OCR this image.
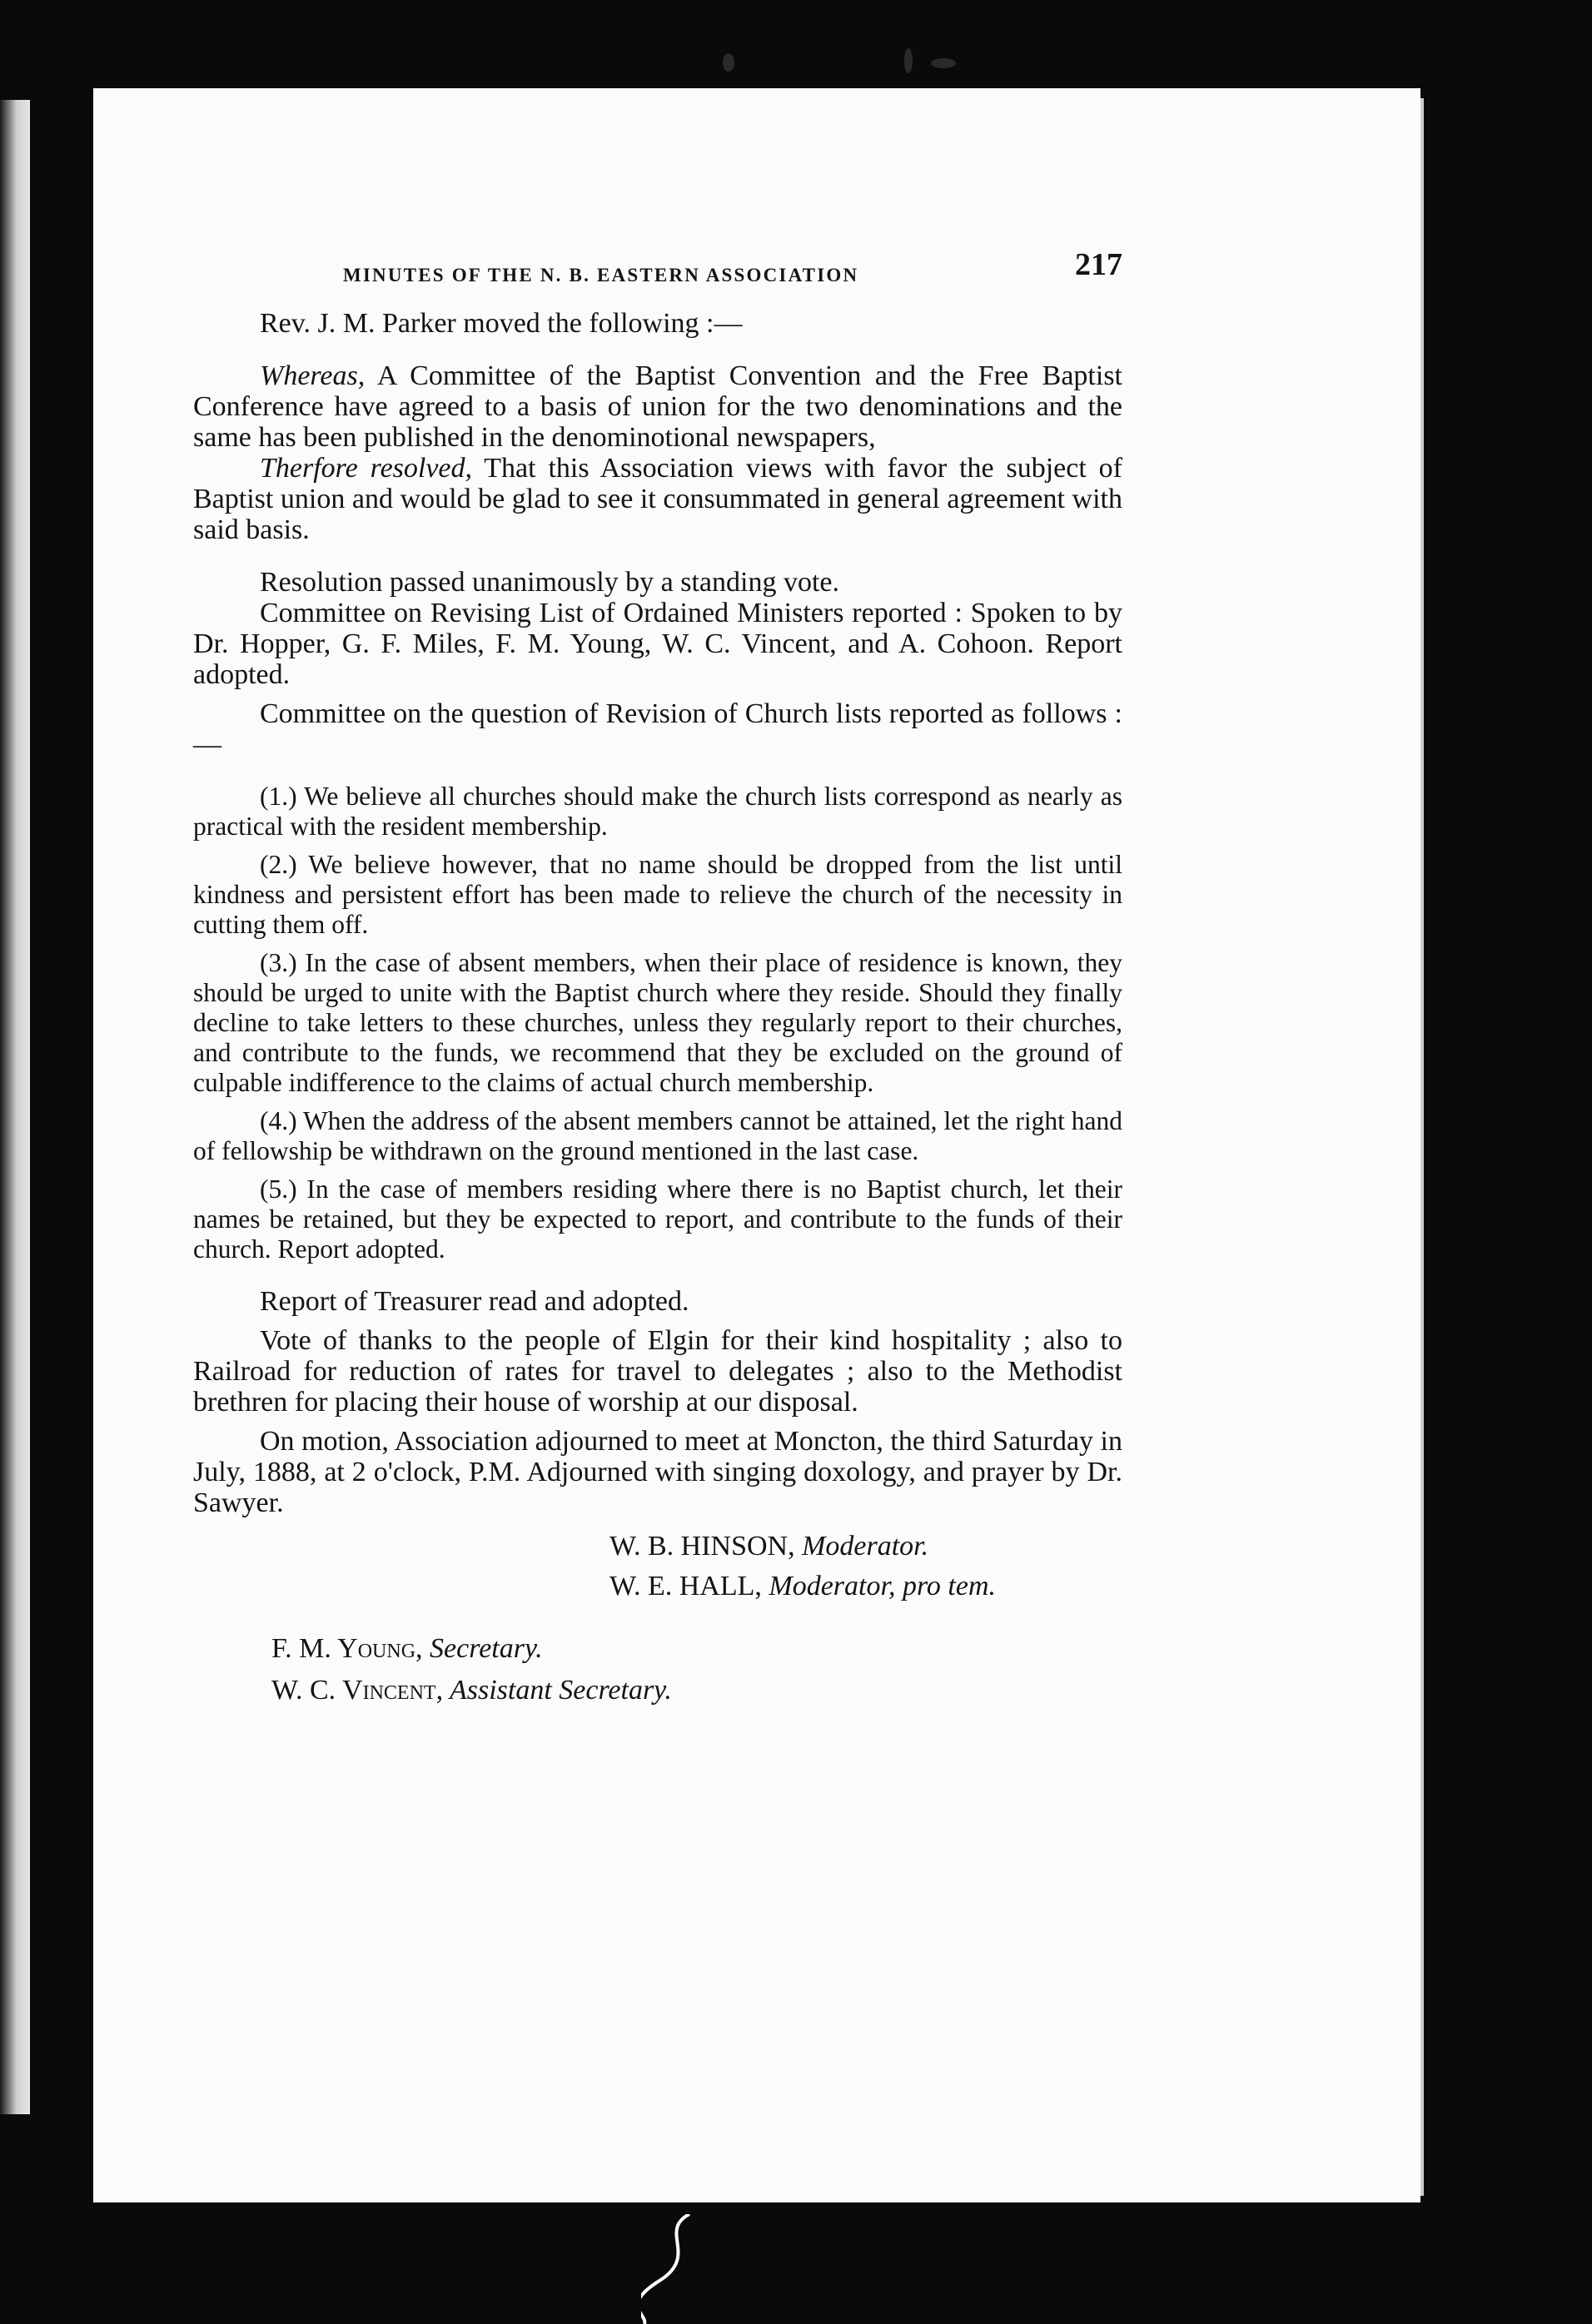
MINUTES OF THE N. B. EASTERN ASSOCIATION	217

Rev. J. M. Parker moved the following :—

Whereas, A Committee of the Baptist Convention and the Free Baptist Conference have agreed to a basis of union for the two denominations and the same has been published in the denominotional newspapers,

Therfore resolved, That this Association views with favor the subject of Baptist union and would be glad to see it consummated in general agreement with said basis.

Resolution passed unanimously by a standing vote.

Committee on Revising List of Ordained Ministers reported : Spoken to by Dr. Hopper, G. F. Miles, F. M. Young, W. C. Vincent, and A. Cohoon. Report adopted.

Committee on the question of Revision of Church lists reported as follows :—

(1.) We believe all churches should make the church lists correspond as nearly as practical with the resident membership.

(2.) We believe however, that no name should be dropped from the list until kindness and persistent effort has been made to relieve the church of the necessity in cutting them off.

(3.) In the case of absent members, when their place of residence is known, they should be urged to unite with the Baptist church where they reside. Should they finally decline to take letters to these churches, unless they regularly report to their churches, and contribute to the funds, we recommend that they be excluded on the ground of culpable indifference to the claims of actual church membership.

(4.) When the address of the absent members cannot be attained, let the right hand of fellowship be withdrawn on the ground mentioned in the last case.

(5.) In the case of members residing where there is no Baptist church, let their names be retained, but they be expected to report, and contribute to the funds of their church. Report adopted.

Report of Treasurer read and adopted.

Vote of thanks to the people of Elgin for their kind hospitality ; also to Railroad for reduction of rates for travel to delegates ; also to the Methodist brethren for placing their house of worship at our disposal.

On motion, Association adjourned to meet at Moncton, the third Saturday in July, 1888, at 2 o'clock, P.M. Adjourned with singing doxology, and prayer by Dr. Sawyer.

W. B. HINSON, Moderator.
W. E. HALL, Moderator, pro tem.
F. M. Young, Secretary.
W. C. Vincent, Assistant Secretary.
